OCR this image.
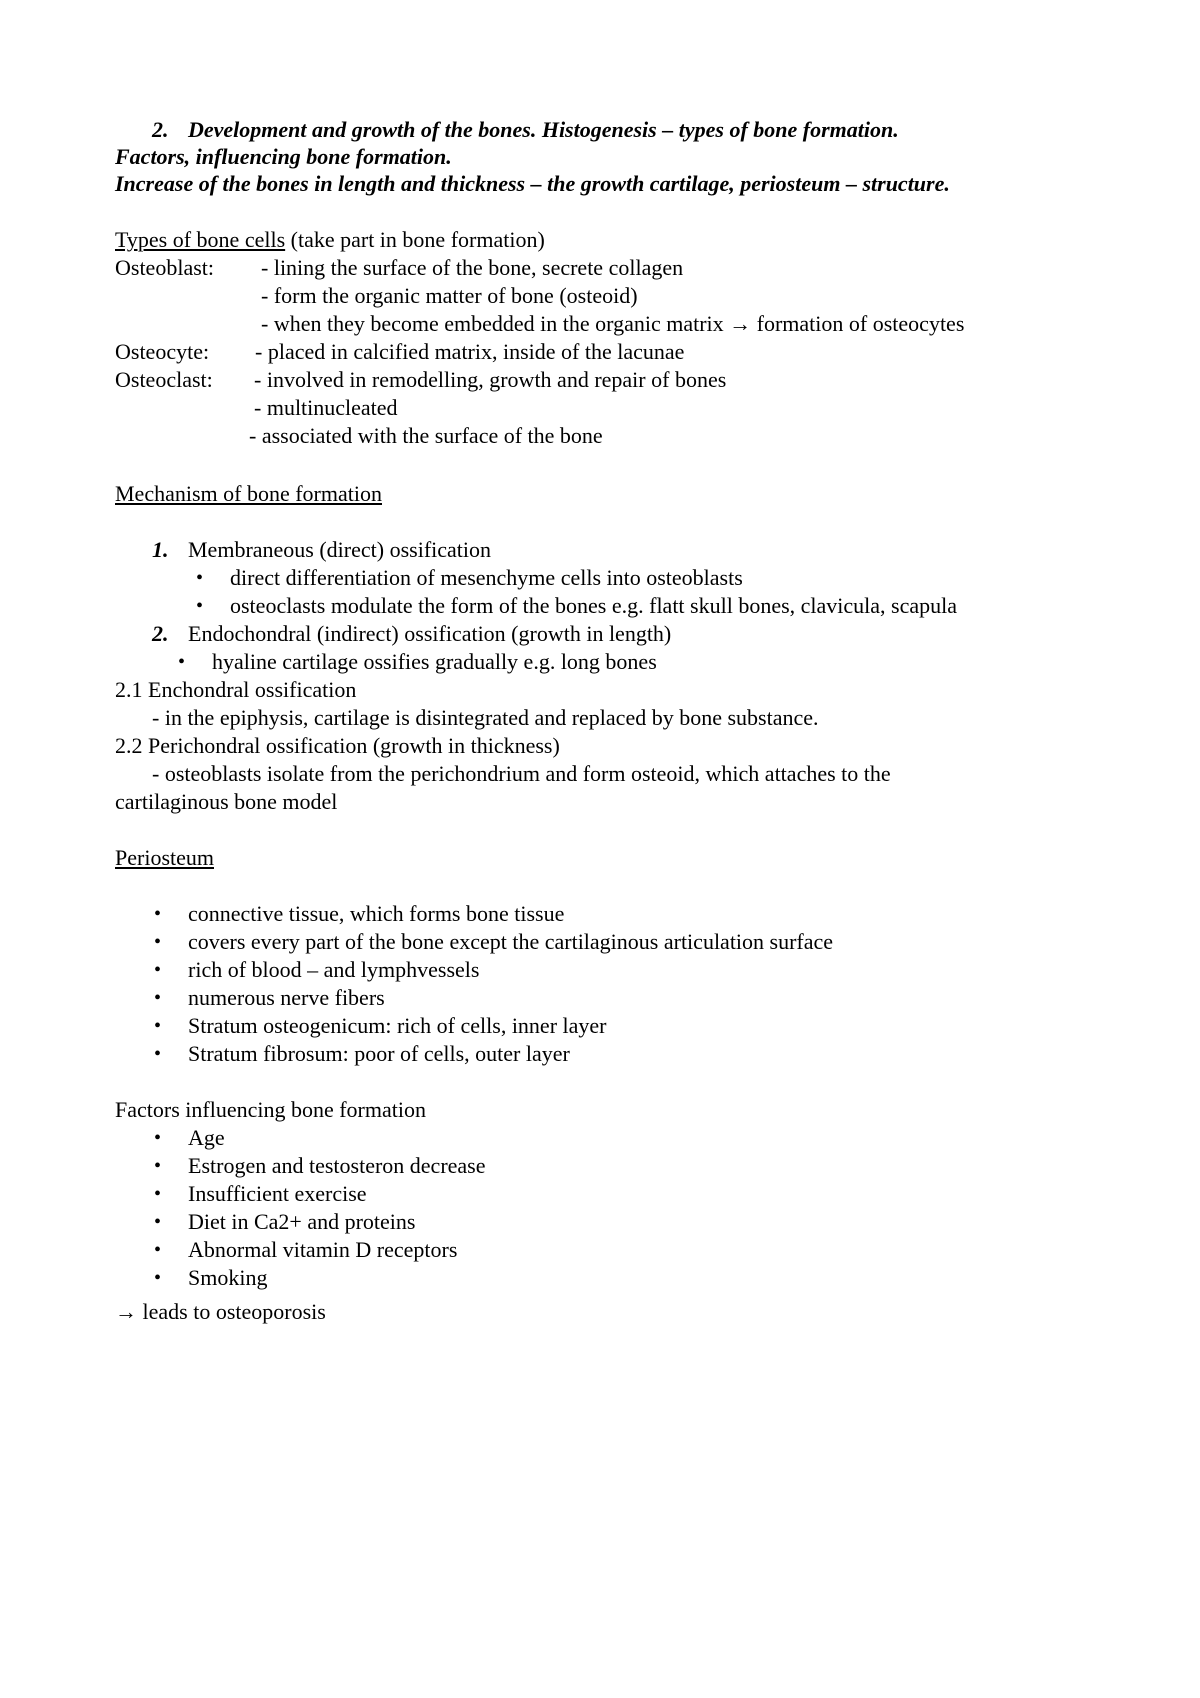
2. Development and growth of the bones. Histogenesis – types of bone formation.
Factors, influencing bone formation.
Increase of the bones in length and thickness – the growth cartilage, periosteum – structure.
Types of bone cells (take part in bone formation)
Osteoblast: - lining the surface of the bone, secrete collagen
- form the organic matter of bone (osteoid)
- when they become embedded in the organic matrix → formation of osteocytes
Osteocyte: - placed in calcified matrix, inside of the lacunae
Osteoclast: - involved in remodelling, growth and repair of bones
- multinucleated
- associated with the surface of the bone
Mechanism of bone formation
1. Membraneous (direct) ossification
• direct differentiation of mesenchyme cells into osteoblasts
• osteoclasts modulate the form of the bones e.g. flatt skull bones, clavicula, scapula
2. Endochondral (indirect) ossification (growth in length)
• hyaline cartilage ossifies gradually e.g. long bones
2.1 Enchondral ossification
- in the epiphysis, cartilage is disintegrated and replaced by bone substance.
2.2 Perichondral ossification (growth in thickness)
- osteoblasts isolate from the perichondrium and form osteoid, which attaches to the
cartilaginous bone model
Periosteum
• connective tissue, which forms bone tissue
• covers every part of the bone except the cartilaginous articulation surface
• rich of blood – and lymphvessels
• numerous nerve fibers
• Stratum osteogenicum: rich of cells, inner layer
• Stratum fibrosum: poor of cells, outer layer
Factors influencing bone formation
• Age
• Estrogen and testosteron decrease
• Insufficient exercise
• Diet in Ca2+ and proteins
• Abnormal vitamin D receptors
• Smoking
→ leads to osteoporosis
